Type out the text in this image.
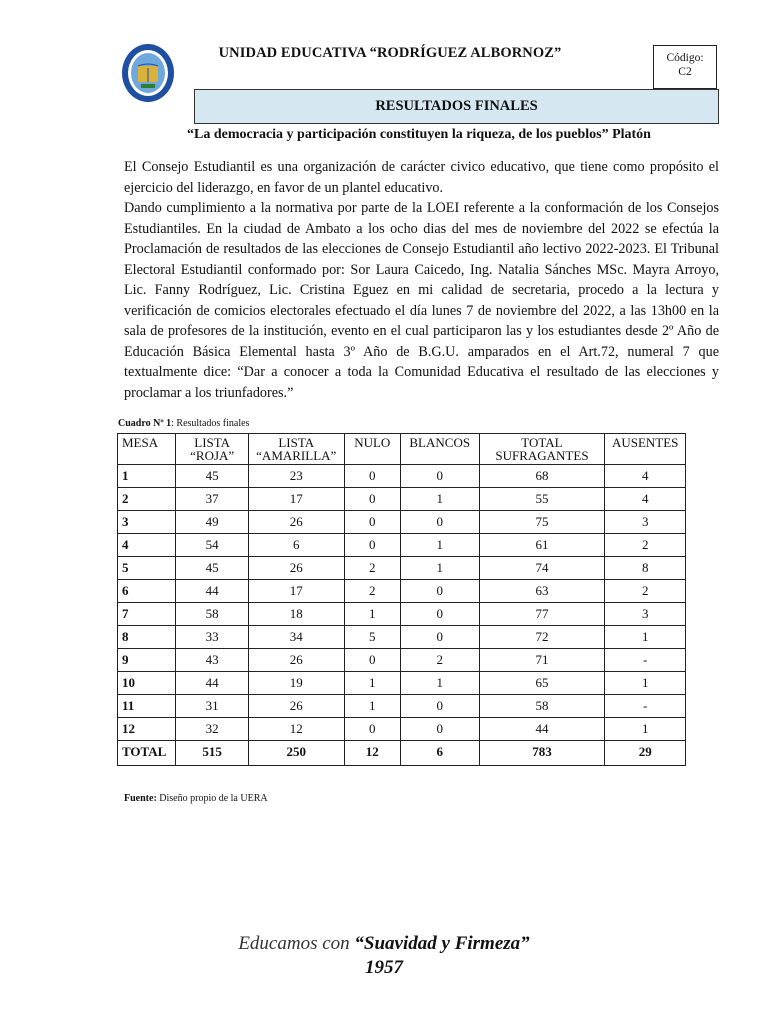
UNIDAD EDUCATIVA “RODRÍGUEZ ALBORNOZ”	Código:
C2
RESULTADOS FINALES
“La democracia y participación constituyen la riqueza, de los pueblos” Platón

El Consejo Estudiantil es una organización de carácter civico educativo, que tiene como propósito el ejercicio del liderazgo, en favor de un plantel educativo.

Dando cumplimiento a la normativa por parte de la LOEI referente a la conformación de los Consejos Estudiantiles. En la ciudad de Ambato a los ocho dias del mes de noviembre del 2022 se efectúa la Proclamación de resultados de las elecciones de Consejo Estudiantil año lectivo 2022-2023. El Tribunal Electoral Estudiantil conformado por: Sor Laura Caicedo, Ing. Natalia Sánches MSc. Mayra Arroyo, Lic. Fanny Rodríguez, Lic. Cristina Eguez en mi calidad de secretaria, procedo a la lectura y verificación de comicios electorales efectuado el día lunes 7 de noviembre del 2022, a las 13h00 en la sala de profesores de la institución, evento en el cual participaron las y los estudiantes desde 2º Año de Educación Básica Elemental hasta 3º Año de B.G.U. amparados en el Art.72, numeral 7 que textualmente dice: “Dar a conocer a toda la Comunidad Educativa el resultado de las elecciones y proclamar a los triunfadores.”

Cuadro Nº 1: Resultados finales
MESA	LISTA “ROJA”	LISTA “AMARILLA”	NULO	BLANCOS	TOTAL SUFRAGANTES	AUSENTES
1	45	23	0	0	68	4
2	37	17	0	1	55	4
3	49	26	0	0	75	3
4	54	6	0	1	61	2
5	45	26	2	1	74	8
6	44	17	2	0	63	2
7	58	18	1	0	77	3
8	33	34	5	0	72	1
9	43	26	0	2	71	-
10	44	19	1	1	65	1
11	31	26	1	0	58	-
12	32	12	0	0	44	1
TOTAL	515	250	12	6	783	29
Fuente: Diseño propio de la UERA
Educamos con “Suavidad y Firmeza”
1957
